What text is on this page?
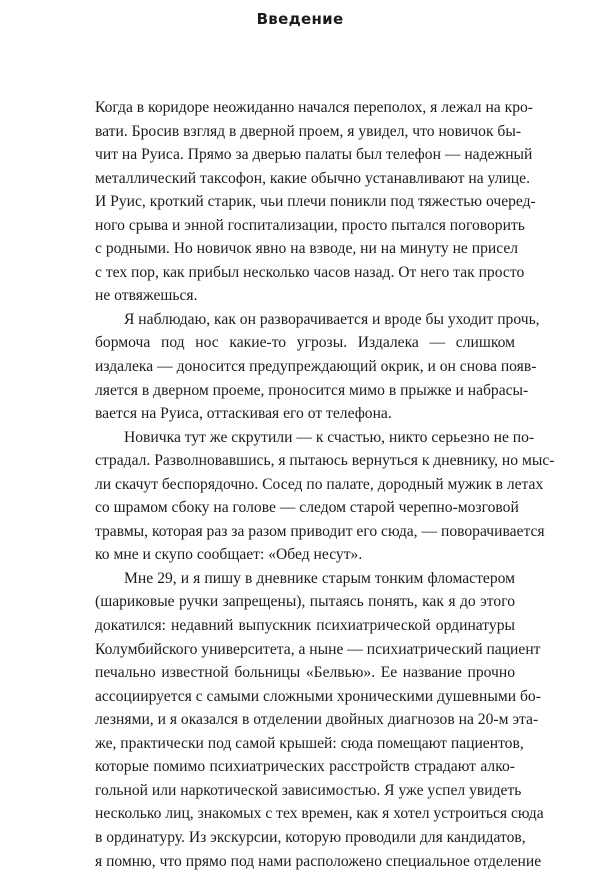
Введение

Когда в коридоре неожиданно начался переполох, я лежал на кро-
вати. Бросив взгляд в дверной проем, я увидел, что новичок бы-
чит на Руиса. Прямо за дверью палаты был телефон — надежный
металлический таксофон, какие обычно устанавливают на улице.
И Руис, кроткий старик, чьи плечи поникли под тяжестью очеред-
ного срыва и энной госпитализации, просто пытался поговорить
с родными. Но новичок явно на взводе, ни на минуту не присел
с тех пор, как прибыл несколько часов назад. От него так просто
не отвяжешься.

Я наблюдаю, как он разворачивается и вроде бы уходит прочь,
бормоча под нос какие-то угрозы. Издалека — слишком
издалека — доносится предупреждающий окрик, и он снова появ-
ляется в дверном проеме, проносится мимо в прыжке и набрасы-
вается на Руиса, оттаскивая его от телефона.

Новичка тут же скрутили — к счастью, никто серьезно не по-
страдал. Разволновавшись, я пытаюсь вернуться к дневнику, но мыс-
ли скачут беспорядочно. Сосед по палате, дородный мужик в летах
со шрамом сбоку на голове — следом старой черепно-мозговой
травмы, которая раз за разом приводит его сюда, — поворачивается
ко мне и скупо сообщает: «Обед несут».

Мне 29, и я пишу в дневнике старым тонким фломастером
(шариковые ручки запрещены), пытаясь понять, как я до этого
докатился: недавний выпускник психиатрической ординатуры
Колумбийского университета, а ныне — психиатрический пациент
печально известной больницы «Белвью». Ее название прочно
ассоциируется с самыми сложными хроническими душевными бо-
лезнями, и я оказался в отделении двойных диагнозов на 20-м эта-
же, практически под самой крышей: сюда помещают пациентов,
которые помимо психиатрических расстройств страдают алко-
гольной или наркотической зависимостью. Я уже успел увидеть
несколько лиц, знакомых с тех времен, как я хотел устроиться сюда
в ординатуру. Из экскурсии, которую проводили для кандидатов,
я помню, что прямо под нами расположено специальное отделение
